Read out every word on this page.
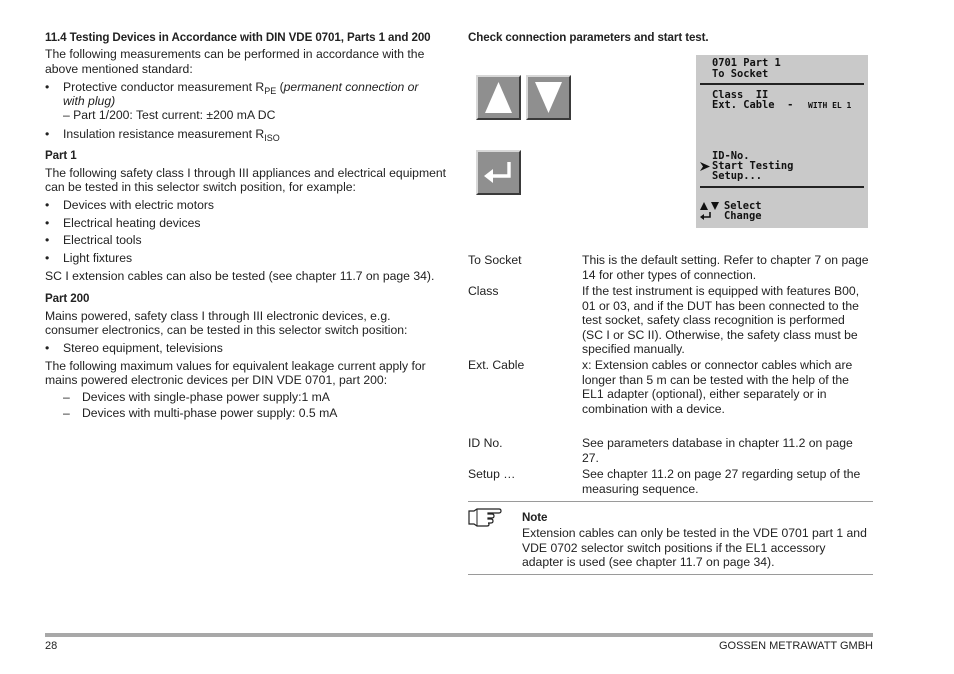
11.4 Testing Devices in Accordance with DIN VDE 0701, Parts 1 and 200
The following measurements can be performed in accordance with the
above mentioned standard:
• Protective conductor measurement $R_{PE}$ (permanent connection or
with plug)
– Part 1/200: Test current: ±200 mA DC
• Insulation resistance measurement $R_{ISO}$
Part 1
The following safety class I through III appliances and electrical equipment
can be tested in this selector switch position, for example:
• Devices with electric motors
• Electrical heating devices
• Electrical tools
• Light fixtures
SC I extension cables can also be tested (see chapter 11.7 on page 34).
Part 200
Mains powered, safety class I through III electronic devices, e.g.
consumer electronics, can be tested in this selector switch position:
• Stereo equipment, televisions
The following maximum values for equivalent leakage current apply for
mains powered electronic devices per DIN VDE 0701, part 200:
– Devices with single-phase power supply:1 mA
– Devices with multi-phase power supply: 0.5 mA
Check connection parameters and start test.
0701 Part 1
To Socket
Class  II
Ext. Cable  - WITH EL 1
ID-No.
Start Testing
Setup...
Select
Change
To Socket	This is the default setting. Refer to chapter 7 on page
14 for other types of connection.
Class	If the test instrument is equipped with features B00,
01 or 03, and if the DUT has been connected to the
test socket, safety class recognition is performed
(SC I or SC II). Otherwise, the safety class must be
specified manually.
Ext. Cable	x: Extension cables or connector cables which are
longer than 5 m can be tested with the help of the
EL1 adapter (optional), either separately or in
combination with a device.
ID No.	See parameters database in chapter 11.2 on page
27.
Setup …	See chapter 11.2 on page 27 regarding setup of the
measuring sequence.
Note
Extension cables can only be tested in the VDE 0701 part 1 and
VDE 0702 selector switch positions if the EL1 accessory
adapter is used (see chapter 11.7 on page 34).
28	GOSSEN METRAWATT GMBH
